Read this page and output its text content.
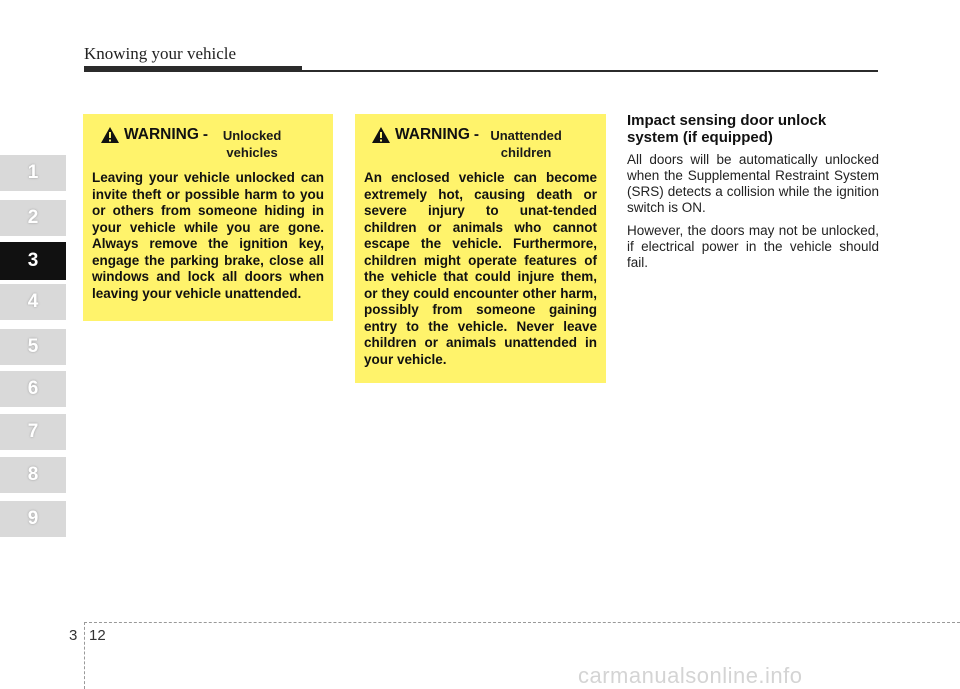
Knowing your vehicle
1
2
3
4
5
6
7
8
9
WARNING -	Unlocked vehicles
Leaving your vehicle unlocked can invite theft or possible harm to you or others from someone hiding in your vehicle while you are gone. Always remove the ignition key, engage the parking brake, close all windows and lock all doors when leaving your vehicle unattended.
WARNING - Unattended children
An enclosed vehicle can become extremely hot, causing death or severe injury to unat-tended children or animals who cannot escape the vehicle. Furthermore, children might operate features of the vehicle that could injure them, or they could encounter other harm, possibly from someone gaining entry to the vehicle. Never leave children or animals unattended in your vehicle.
Impact sensing door unlock system (if equipped)

All doors will be automatically unlocked when the Supplemental Restraint System (SRS) detects a collision while the ignition switch is ON.

However, the doors may not be unlocked, if electrical power in the vehicle should fail.

3 12
carmanualsonline.info
